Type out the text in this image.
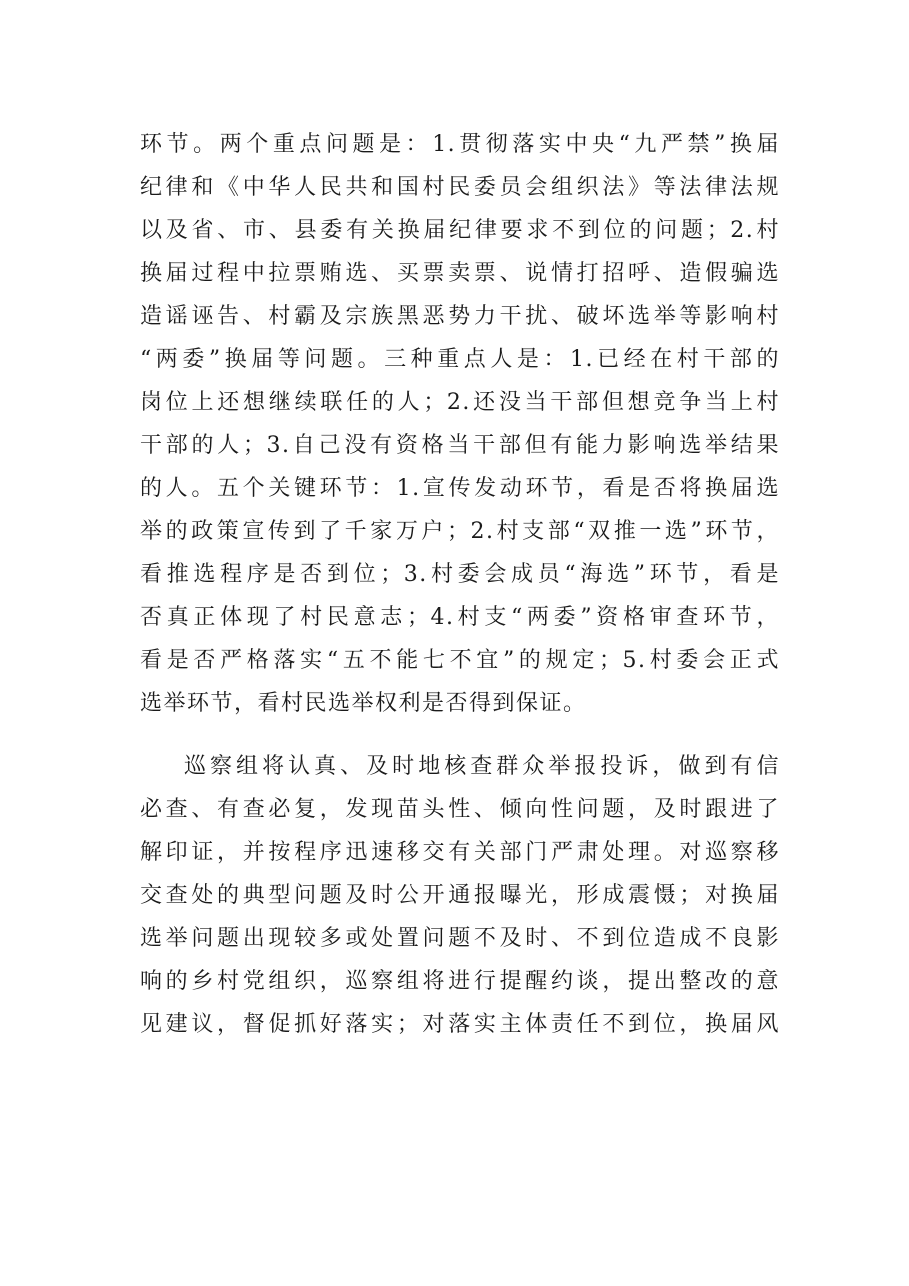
环节。两个重点问题是：1.贯彻落实中央“九严禁”换届
纪律和《中华人民共和国村民委员会组织法》等法律法规
以及省、市、县委有关换届纪律要求不到位的问题；2.村
换届过程中拉票贿选、买票卖票、说情打招呼、造假骗选
造谣诬告、村霸及宗族黑恶势力干扰、破坏选举等影响村
“两委”换届等问题。三种重点人是：1.已经在村干部的
岗位上还想继续联任的人；2.还没当干部但想竞争当上村
干部的人；3.自己没有资格当干部但有能力影响选举结果
的人。五个关键环节：1.宣传发动环节，看是否将换届选
举的政策宣传到了千家万户；2.村支部“双推一选”环节，
看推选程序是否到位；3.村委会成员“海选”环节，看是
否真正体现了村民意志；4.村支“两委”资格审查环节，
看是否严格落实“五不能七不宜”的规定；5.村委会正式
选举环节，看村民选举权利是否得到保证。
巡察组将认真、及时地核查群众举报投诉，做到有信
必查、有查必复，发现苗头性、倾向性问题，及时跟进了
解印证，并按程序迅速移交有关部门严肃处理。对巡察移
交查处的典型问题及时公开通报曝光，形成震慑；对换届
选举问题出现较多或处置问题不及时、不到位造成不良影
响的乡村党组织，巡察组将进行提醒约谈，提出整改的意
见建议，督促抓好落实；对落实主体责任不到位，换届风
